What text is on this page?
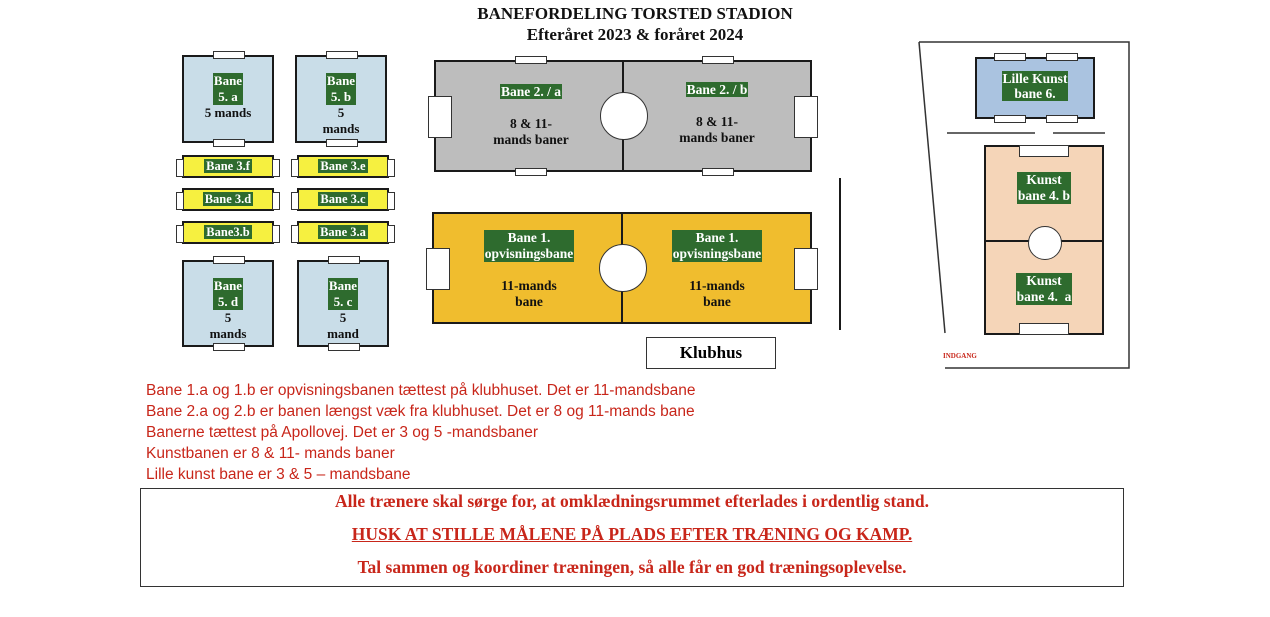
BANEFORDELING TORSTED STADION
Efteråret 2023 & foråret 2024
Bane
5. a
5 mands
Bane
5. b
5
mands
Bane
5. d
5
mands
Bane
5. c
5
mand
Bane 3.f	Bane 3.e
Bane 3.d	Bane 3.c
Bane3.b	Bane 3.a
Bane 2. / a

8 & 11-
mands baner
Bane 2. / b

8 & 11-
mands baner
Bane 1.
opvisningsbane

11-mands
bane
Bane 1.
opvisningsbane

11-mands
bane
Klubhus
Lille Kunst
bane 6.
Kunst
bane 4. b
Kunst
bane 4.  a
INDGANG
Bane 1.a og 1.b er opvisningsbanen tættest på klubhuset. Det er 11-mandsbane
Bane 2.a og 2.b er banen længst væk fra klubhuset. Det er 8 og 11-mands bane
Banerne tættest på Apollovej. Det er 3 og 5 -mandsbaner
Kunstbanen er 8 & 11- mands baner
Lille kunst bane er 3 & 5 – mandsbane
Alle trænere skal sørge for, at omklædningsrummet efterlades i ordentlig stand.
HUSK AT STILLE MÅLENE PÅ PLADS EFTER TRÆNING OG KAMP.
Tal sammen og koordiner træningen, så alle får en god træningsoplevelse.
